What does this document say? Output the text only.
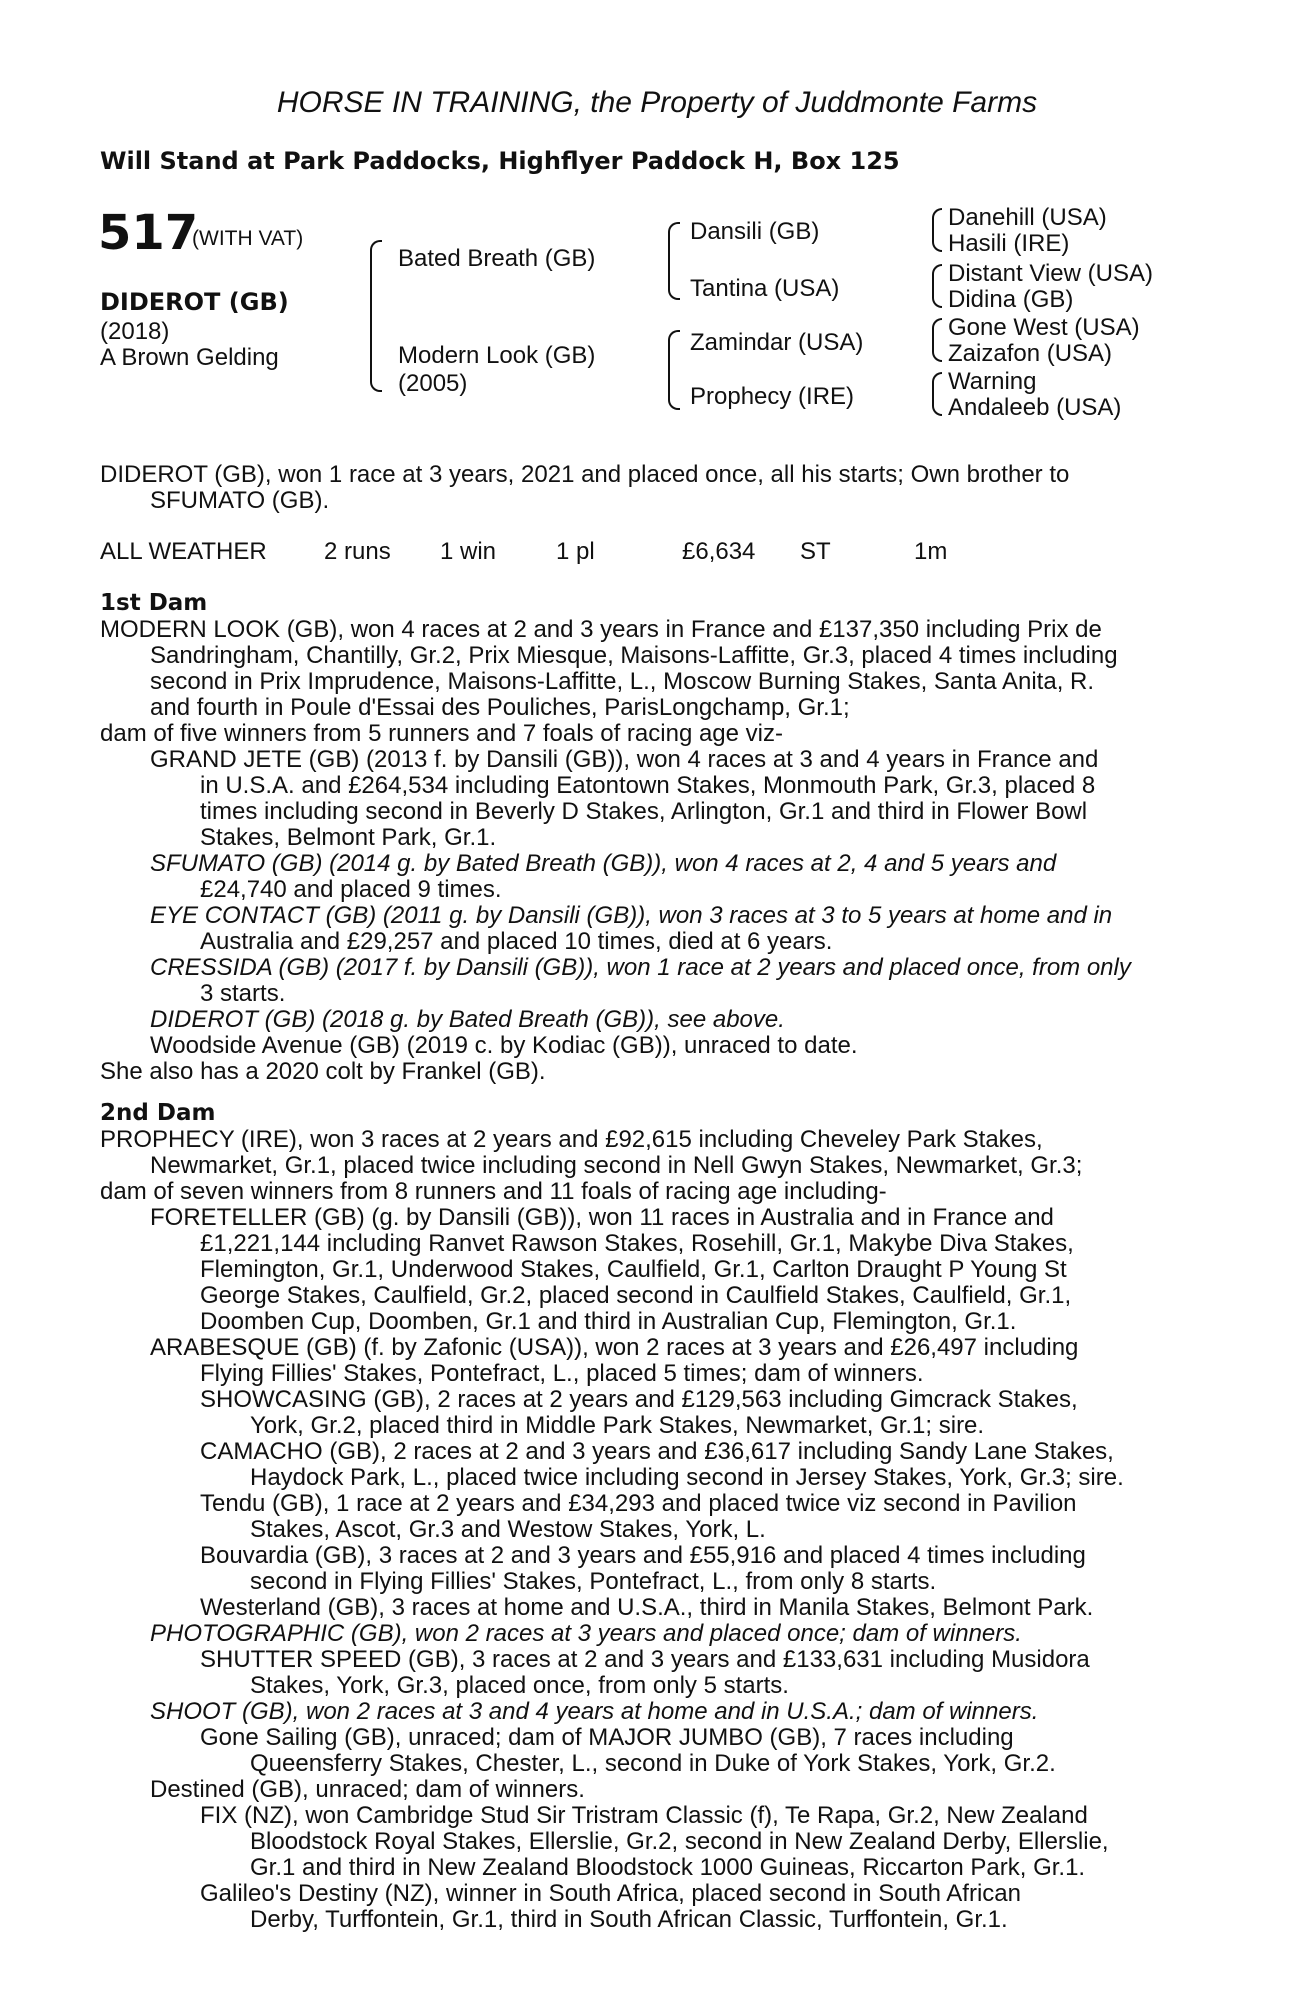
HORSE IN TRAINING, the Property of Juddmonte Farms
Will Stand at Park Paddocks, Highflyer Paddock H, Box 125
517
(WITH VAT)
DIDEROT (GB)
(2018)
A Brown Gelding
Bated Breath (GB)
Modern Look (GB)
(2005)
Dansili (GB)
Tantina (USA)
Zamindar (USA)
Prophecy (IRE)
Danehill (USA)
Hasili (IRE)
Distant View (USA)
Didina (GB)
Gone West (USA)
Zaizafon (USA)
Warning
Andaleeb (USA)
DIDEROT (GB), won 1 race at 3 years, 2021 and placed once, all his starts; Own brother to
SFUMATO (GB).
ALL WEATHER 2 runs 1 win 1 pl	£6,634 ST	1m
1st Dam
MODERN LOOK (GB), won 4 races at 2 and 3 years in France and £137,350 including Prix de
Sandringham, Chantilly, Gr.2, Prix Miesque, Maisons-Laffitte, Gr.3, placed 4 times including
second in Prix Imprudence, Maisons-Laffitte, L., Moscow Burning Stakes, Santa Anita, R.
and fourth in Poule d'Essai des Pouliches, ParisLongchamp, Gr.1;
dam of five winners from 5 runners and 7 foals of racing age viz-
GRAND JETE (GB) (2013 f. by Dansili (GB)), won 4 races at 3 and 4 years in France and
in U.S.A. and £264,534 including Eatontown Stakes, Monmouth Park, Gr.3, placed 8
times including second in Beverly D Stakes, Arlington, Gr.1 and third in Flower Bowl
Stakes, Belmont Park, Gr.1.
SFUMATO (GB) (2014 g. by Bated Breath (GB)), won 4 races at 2, 4 and 5 years and
£24,740 and placed 9 times.
EYE CONTACT (GB) (2011 g. by Dansili (GB)), won 3 races at 3 to 5 years at home and in
Australia and £29,257 and placed 10 times, died at 6 years.
CRESSIDA (GB) (2017 f. by Dansili (GB)), won 1 race at 2 years and placed once, from only
3 starts.
DIDEROT (GB) (2018 g. by Bated Breath (GB)), see above.
Woodside Avenue (GB) (2019 c. by Kodiac (GB)), unraced to date.
She also has a 2020 colt by Frankel (GB).
2nd Dam
PROPHECY (IRE), won 3 races at 2 years and £92,615 including Cheveley Park Stakes,
Newmarket, Gr.1, placed twice including second in Nell Gwyn Stakes, Newmarket, Gr.3;
dam of seven winners from 8 runners and 11 foals of racing age including-
FORETELLER (GB) (g. by Dansili (GB)), won 11 races in Australia and in France and
£1,221,144 including Ranvet Rawson Stakes, Rosehill, Gr.1, Makybe Diva Stakes,
Flemington, Gr.1, Underwood Stakes, Caulfield, Gr.1, Carlton Draught P Young St
George Stakes, Caulfield, Gr.2, placed second in Caulfield Stakes, Caulfield, Gr.1,
Doomben Cup, Doomben, Gr.1 and third in Australian Cup, Flemington, Gr.1.
ARABESQUE (GB) (f. by Zafonic (USA)), won 2 races at 3 years and £26,497 including
Flying Fillies' Stakes, Pontefract, L., placed 5 times; dam of winners.
SHOWCASING (GB), 2 races at 2 years and £129,563 including Gimcrack Stakes,
York, Gr.2, placed third in Middle Park Stakes, Newmarket, Gr.1; sire.
CAMACHO (GB), 2 races at 2 and 3 years and £36,617 including Sandy Lane Stakes,
Haydock Park, L., placed twice including second in Jersey Stakes, York, Gr.3; sire.
Tendu (GB), 1 race at 2 years and £34,293 and placed twice viz second in Pavilion
Stakes, Ascot, Gr.3 and Westow Stakes, York, L.
Bouvardia (GB), 3 races at 2 and 3 years and £55,916 and placed 4 times including
second in Flying Fillies' Stakes, Pontefract, L., from only 8 starts.
Westerland (GB), 3 races at home and U.S.A., third in Manila Stakes, Belmont Park.
PHOTOGRAPHIC (GB), won 2 races at 3 years and placed once; dam of winners.
SHUTTER SPEED (GB), 3 races at 2 and 3 years and £133,631 including Musidora
Stakes, York, Gr.3, placed once, from only 5 starts.
SHOOT (GB), won 2 races at 3 and 4 years at home and in U.S.A.; dam of winners.
Gone Sailing (GB), unraced; dam of MAJOR JUMBO (GB), 7 races including
Queensferry Stakes, Chester, L., second in Duke of York Stakes, York, Gr.2.
Destined (GB), unraced; dam of winners.
FIX (NZ), won Cambridge Stud Sir Tristram Classic (f), Te Rapa, Gr.2, New Zealand
Bloodstock Royal Stakes, Ellerslie, Gr.2, second in New Zealand Derby, Ellerslie,
Gr.1 and third in New Zealand Bloodstock 1000 Guineas, Riccarton Park, Gr.1.
Galileo's Destiny (NZ), winner in South Africa, placed second in South African
Derby, Turffontein, Gr.1, third in South African Classic, Turffontein, Gr.1.
